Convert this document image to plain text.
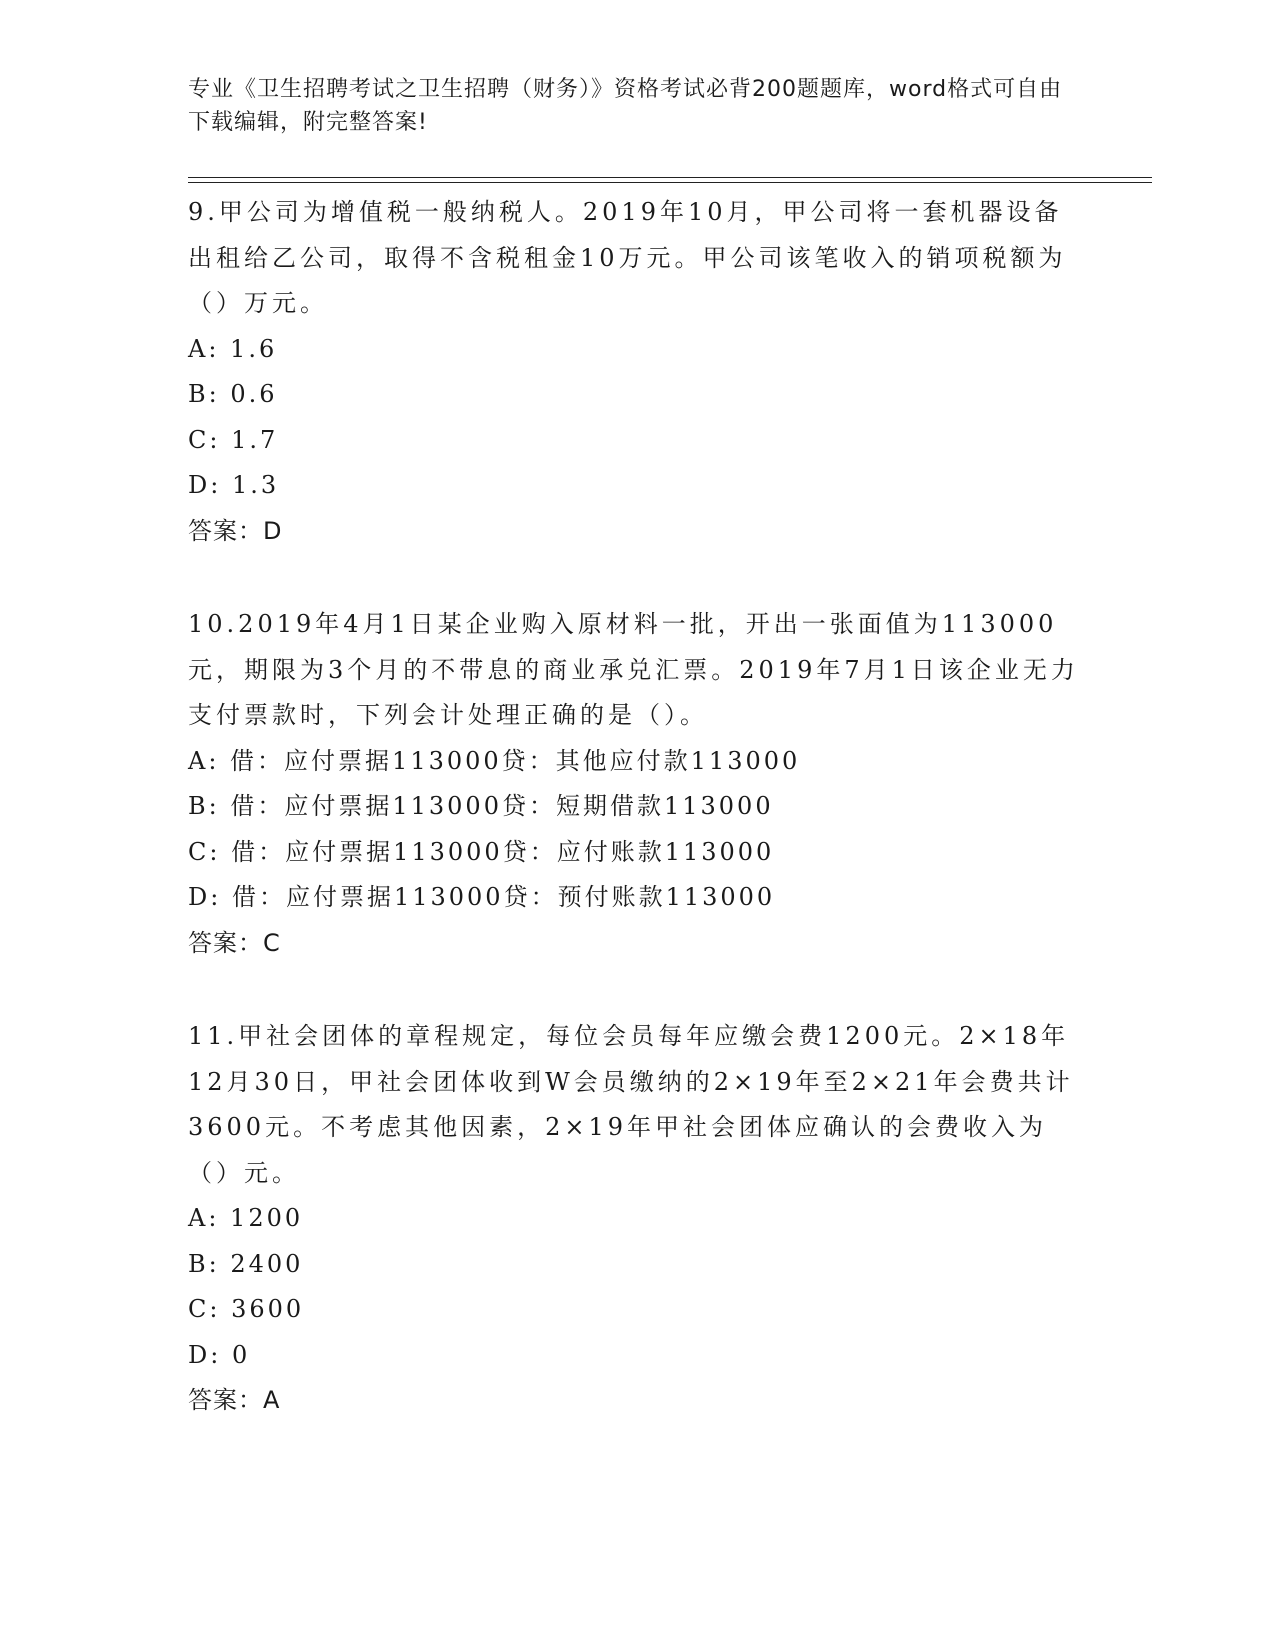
专业《卫生招聘考试之卫生招聘（财务）》资格考试必背200题题库，word格式可自由下载编辑，附完整答案!

9.甲公司为增值税一般纳税人。2019年10月，甲公司将一套机器设备出租给乙公司，取得不含税租金10万元。甲公司该笔收入的销项税额为（）万元。

A: 1.6

B: 0.6

C: 1.7

D: 1.3

答案：D

10.2019年4月1日某企业购入原材料一批，开出一张面值为113000元，期限为3个月的不带息的商业承兑汇票。2019年7月1日该企业无力支付票款时，下列会计处理正确的是（）。

A: 借：应付票据113000贷：其他应付款113000

B: 借：应付票据113000贷：短期借款113000

C: 借：应付票据113000贷：应付账款113000

D: 借：应付票据113000贷：预付账款113000

答案：C

11.甲社会团体的章程规定，每位会员每年应缴会费1200元。2×18年12月30日，甲社会团体收到W会员缴纳的2×19年至2×21年会费共计3600元。不考虑其他因素，2×19年甲社会团体应确认的会费收入为（）元。

A: 1200

B: 2400

C: 3600

D: 0

答案：A
